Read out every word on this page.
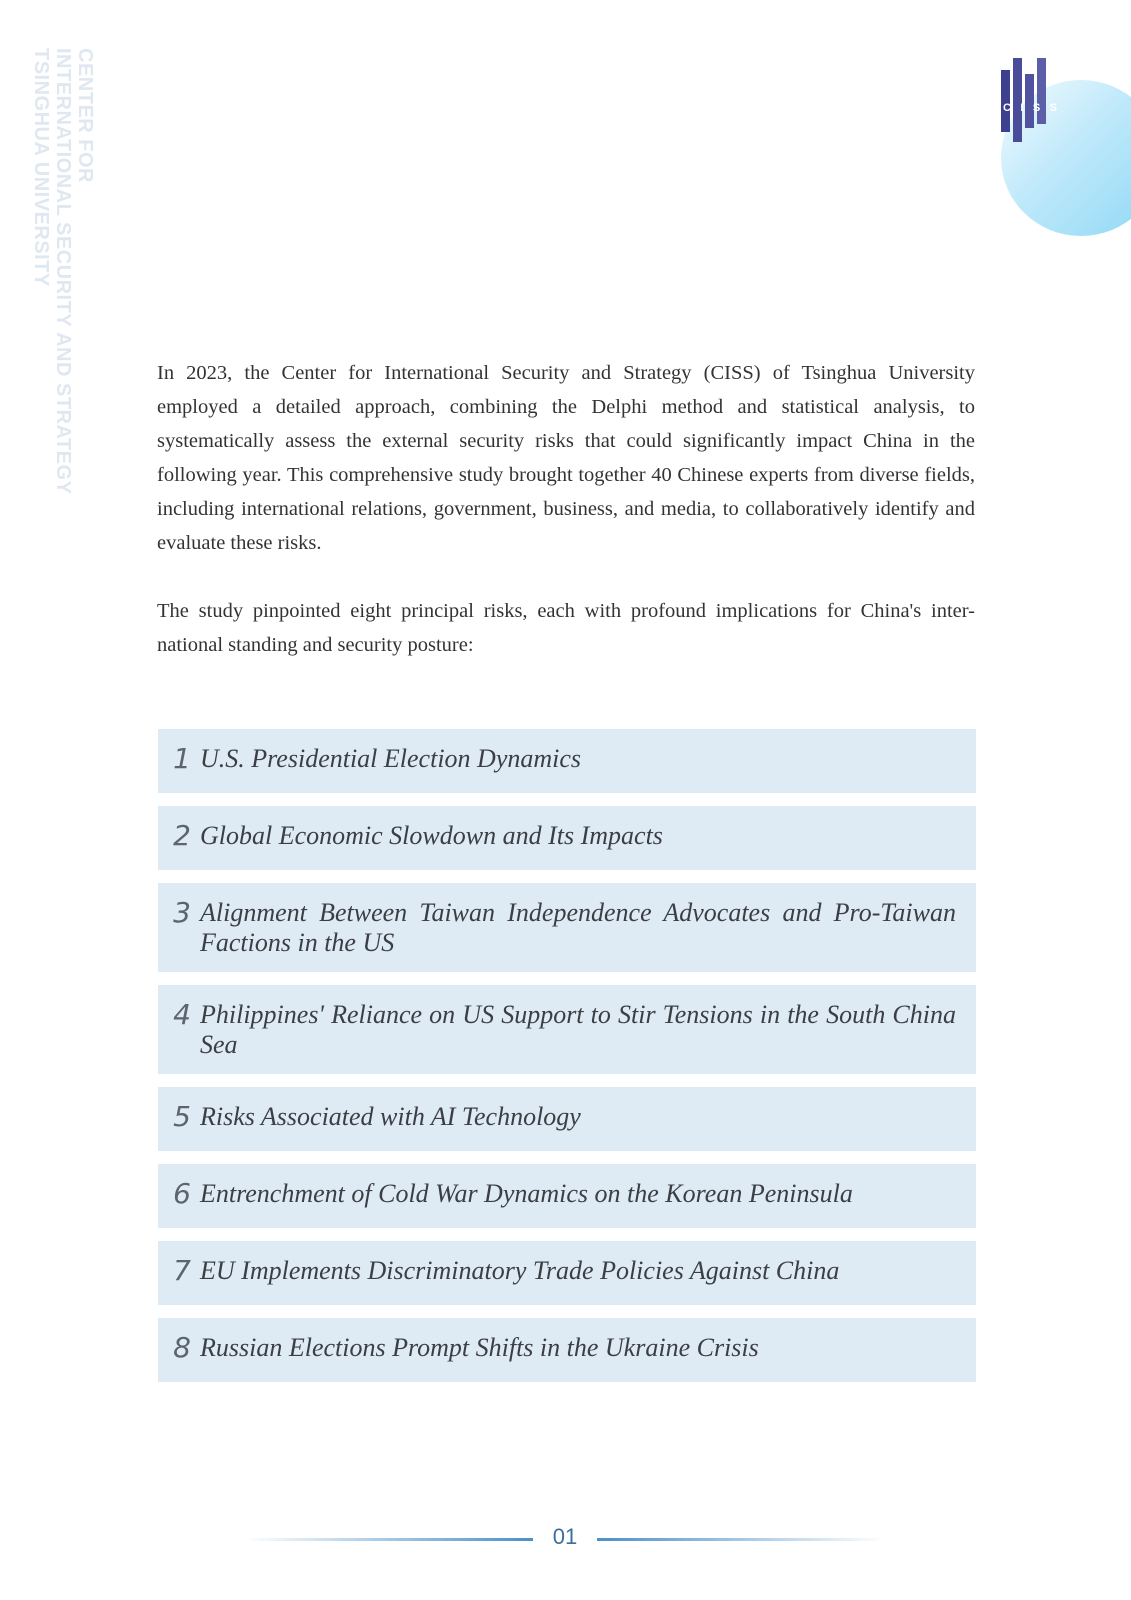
CENTER FOR
INTERNATIONAL SECURITY AND STRATEGY
TSINGHUA UNIVERSITY	C I S S

In 2023, the Center for International Security and Strategy (CISS) of Tsinghua University employed a detailed approach, combining the Delphi method and statistical analysis, to systematically assess the external security risks that could significantly impact China in the following year. This comprehensive study brought together 40 Chinese experts from diverse fields, including international relations, government, business, and media, to collaboratively identify and evaluate these risks.

The study pinpointed eight principal risks, each with profound implications for China's inter-national standing and security posture:

1 U.S. Presidential Election Dynamics
2 Global Economic Slowdown and Its Impacts
3 Alignment Between Taiwan Independence Advocates and Pro-Taiwan Factions in the US
4 Philippines' Reliance on US Support to Stir Tensions in the South China Sea
5 Risks Associated with AI Technology
6 Entrenchment of Cold War Dynamics on the Korean Peninsula
7 EU Implements Discriminatory Trade Policies Against China
8 Russian Elections Prompt Shifts in the Ukraine Crisis
01
